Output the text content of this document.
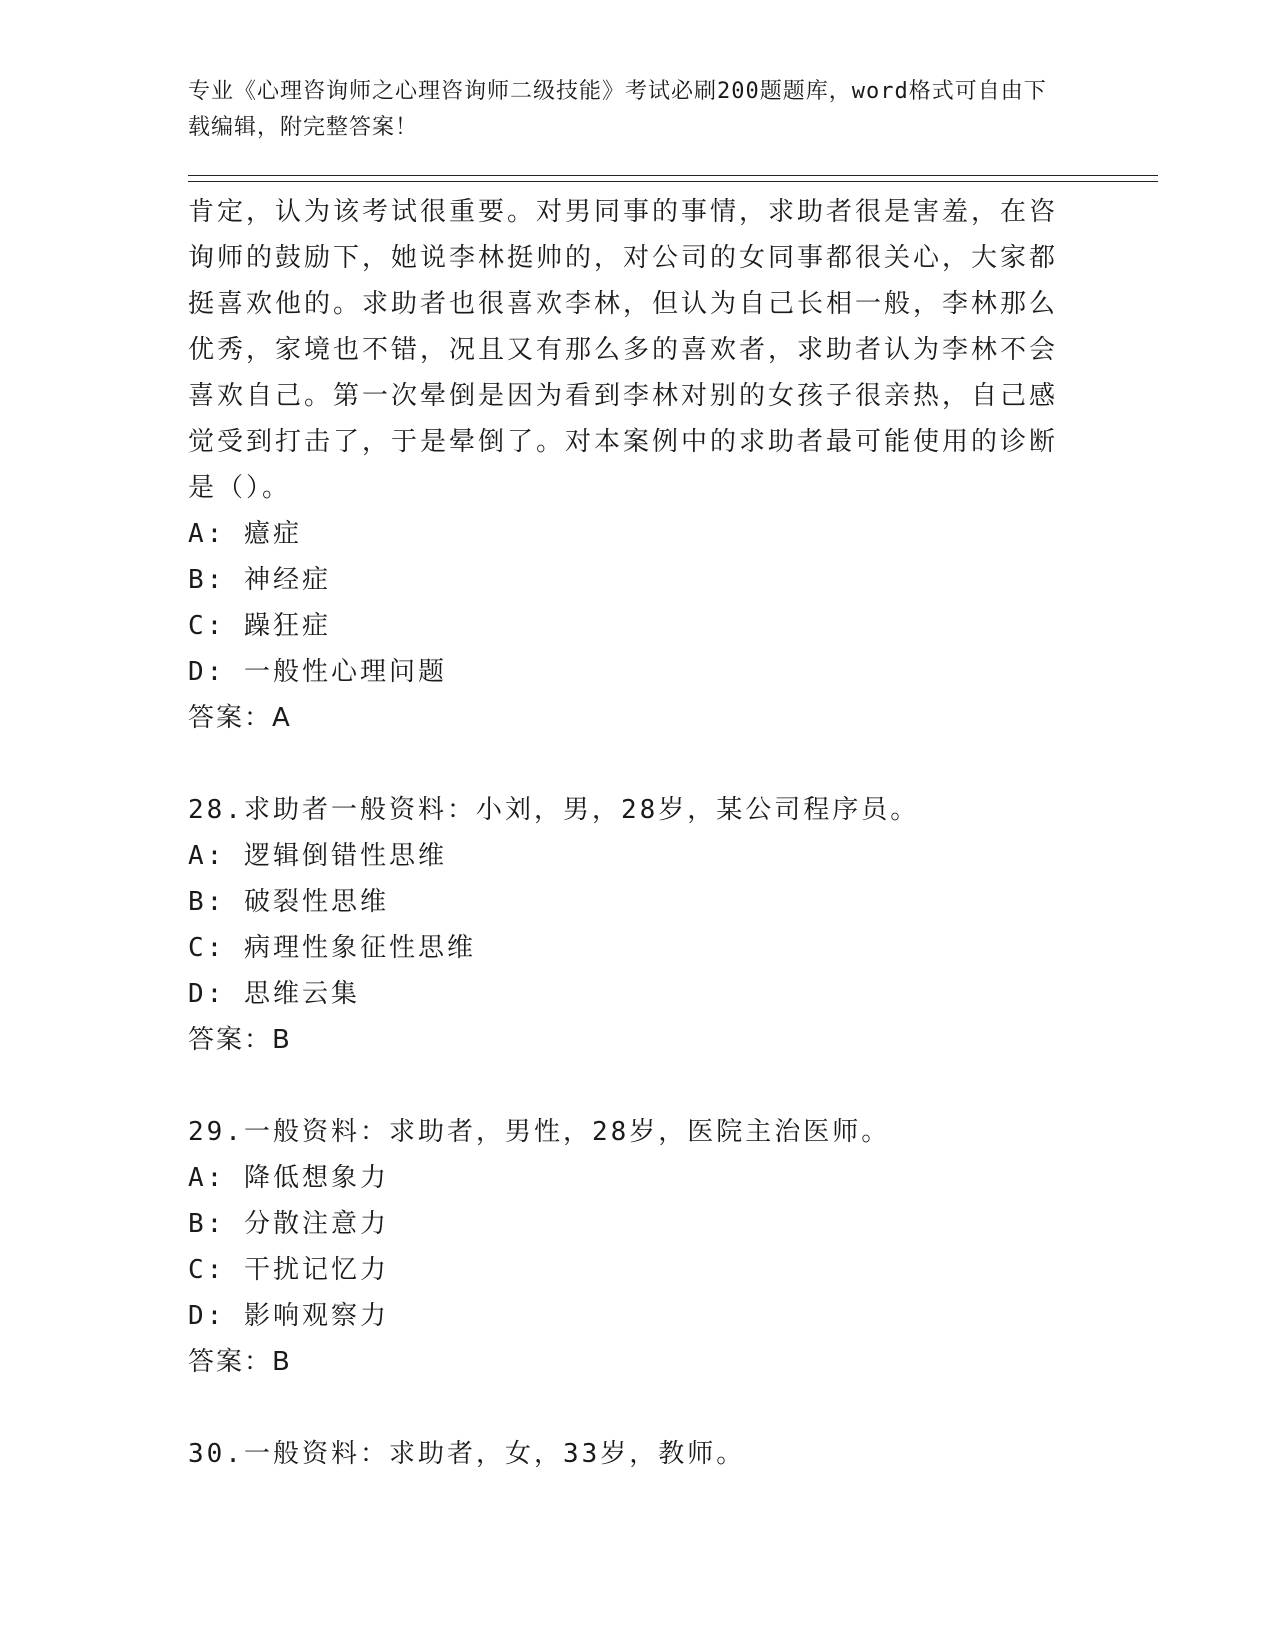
专业《心理咨询师之心理咨询师二级技能》考试必刷200题题库，word格式可自由下载编辑，附完整答案！

肯定，认为该考试很重要。对男同事的事情，求助者很是害羞，在咨询师的鼓励下，她说李林挺帅的，对公司的女同事都很关心，大家都挺喜欢他的。求助者也很喜欢李林，但认为自己长相一般，李林那么优秀，家境也不错，况且又有那么多的喜欢者，求助者认为李林不会喜欢自己。第一次晕倒是因为看到李林对别的女孩子很亲热，自己感觉受到打击了，于是晕倒了。对本案例中的求助者最可能使用的诊断是（）。

A: 癔症

B: 神经症

C: 躁狂症

D: 一般性心理问题

答案：A

28.求助者一般资料：小刘，男，28岁，某公司程序员。

A: 逻辑倒错性思维

B: 破裂性思维

C: 病理性象征性思维

D: 思维云集

答案：B

29.一般资料：求助者，男性，28岁，医院主治医师。

A: 降低想象力

B: 分散注意力

C: 干扰记忆力

D: 影响观察力

答案：B

30.一般资料：求助者，女，33岁，教师。
